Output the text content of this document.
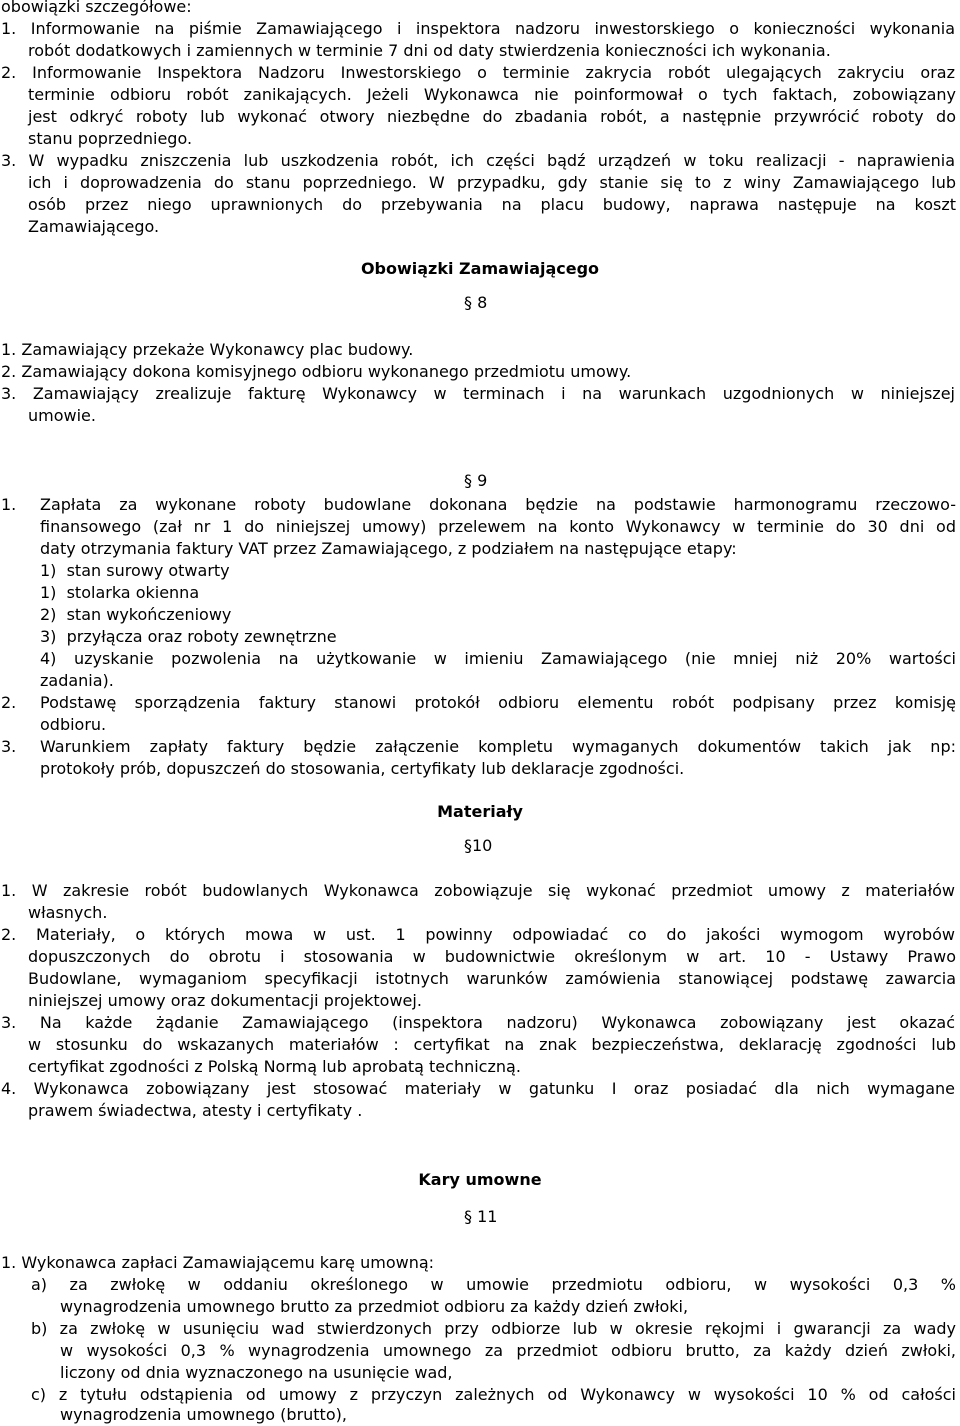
obowiązki szczegółowe:
1. Informowanie na piśmie Zamawiającego i inspektora nadzoru inwestorskiego o konieczności wykonania
robót dodatkowych i zamiennych w terminie 7 dni od daty stwierdzenia konieczności ich wykonania.
2. Informowanie Inspektora Nadzoru Inwestorskiego o terminie zakrycia robót ulegających zakryciu oraz
terminie odbioru robót zanikających. Jeżeli Wykonawca nie poinformował o tych faktach, zobowiązany
jest odkryć roboty lub wykonać otwory niezbędne do zbadania robót, a następnie przywrócić roboty do
stanu poprzedniego.
3. W wypadku zniszczenia lub uszkodzenia robót, ich części bądź urządzeń w toku realizacji - naprawienia
ich i doprowadzenia do stanu poprzedniego. W przypadku, gdy stanie się to z winy Zamawiającego lub
osób przez niego uprawnionych do przebywania na placu budowy, naprawa następuje na koszt
Zamawiającego.
Obowiązki Zamawiającego
§ 8
1. Zamawiający przekaże Wykonawcy plac budowy.
2. Zamawiający dokona komisyjnego odbioru wykonanego przedmiotu umowy.
3. Zamawiający zrealizuje fakturę Wykonawcy w terminach i na warunkach uzgodnionych w niniejszej
umowie.
§ 9
1. Zapłata za wykonane roboty budowlane dokonana będzie na podstawie harmonogramu rzeczowo-
finansowego (zał nr 1 do niniejszej umowy) przelewem na konto Wykonawcy w terminie do 30 dni od
daty otrzymania faktury VAT przez Zamawiającego, z podziałem na następujące etapy:
1)  stan surowy otwarty
1)  stolarka okienna
2)  stan wykończeniowy
3)  przyłącza oraz roboty zewnętrzne
4) uzyskanie pozwolenia na użytkowanie w imieniu Zamawiającego (nie mniej niż 20% wartości
zadania).
2. Podstawę sporządzenia faktury stanowi protokół odbioru elementu robót podpisany przez komisję
odbioru.
3. Warunkiem zapłaty faktury będzie załączenie kompletu wymaganych dokumentów takich jak np:
protokoły prób, dopuszczeń do stosowania, certyfikaty lub deklaracje zgodności.
Materiały
§10
1. W zakresie robót budowlanych Wykonawca zobowiązuje się wykonać przedmiot umowy z materiałów
własnych.
2. Materiały, o których mowa w ust. 1 powinny odpowiadać co do jakości wymogom wyrobów
dopuszczonych do obrotu i stosowania w budownictwie określonym w art. 10 - Ustawy Prawo
Budowlane, wymaganiom specyfikacji istotnych warunków zamówienia stanowiącej podstawę zawarcia
niniejszej umowy oraz dokumentacji projektowej.
3. Na każde żądanie Zamawiającego (inspektora nadzoru) Wykonawca zobowiązany jest okazać
w stosunku do wskazanych materiałów : certyfikat na znak bezpieczeństwa, deklarację zgodności lub
certyfikat zgodności z Polską Normą lub aprobatą techniczną.
4. Wykonawca zobowiązany jest stosować materiały w gatunku I oraz posiadać dla nich wymagane
prawem świadectwa, atesty i certyfikaty .
Kary umowne
§ 11
1. Wykonawca zapłaci Zamawiającemu karę umowną:
a) za zwłokę w oddaniu określonego w umowie przedmiotu odbioru, w wysokości 0,3 %
wynagrodzenia umownego brutto za przedmiot odbioru za każdy dzień zwłoki,
b) za zwłokę w usunięciu wad stwierdzonych przy odbiorze lub w okresie rękojmi i gwarancji za wady
w wysokości 0,3 % wynagrodzenia umownego za przedmiot odbioru brutto, za każdy dzień zwłoki,
liczony od dnia wyznaczonego na usunięcie wad,
c) z tytułu odstąpienia od umowy z przyczyn zależnych od Wykonawcy w wysokości 10 % od całości
wynagrodzenia umownego (brutto),
